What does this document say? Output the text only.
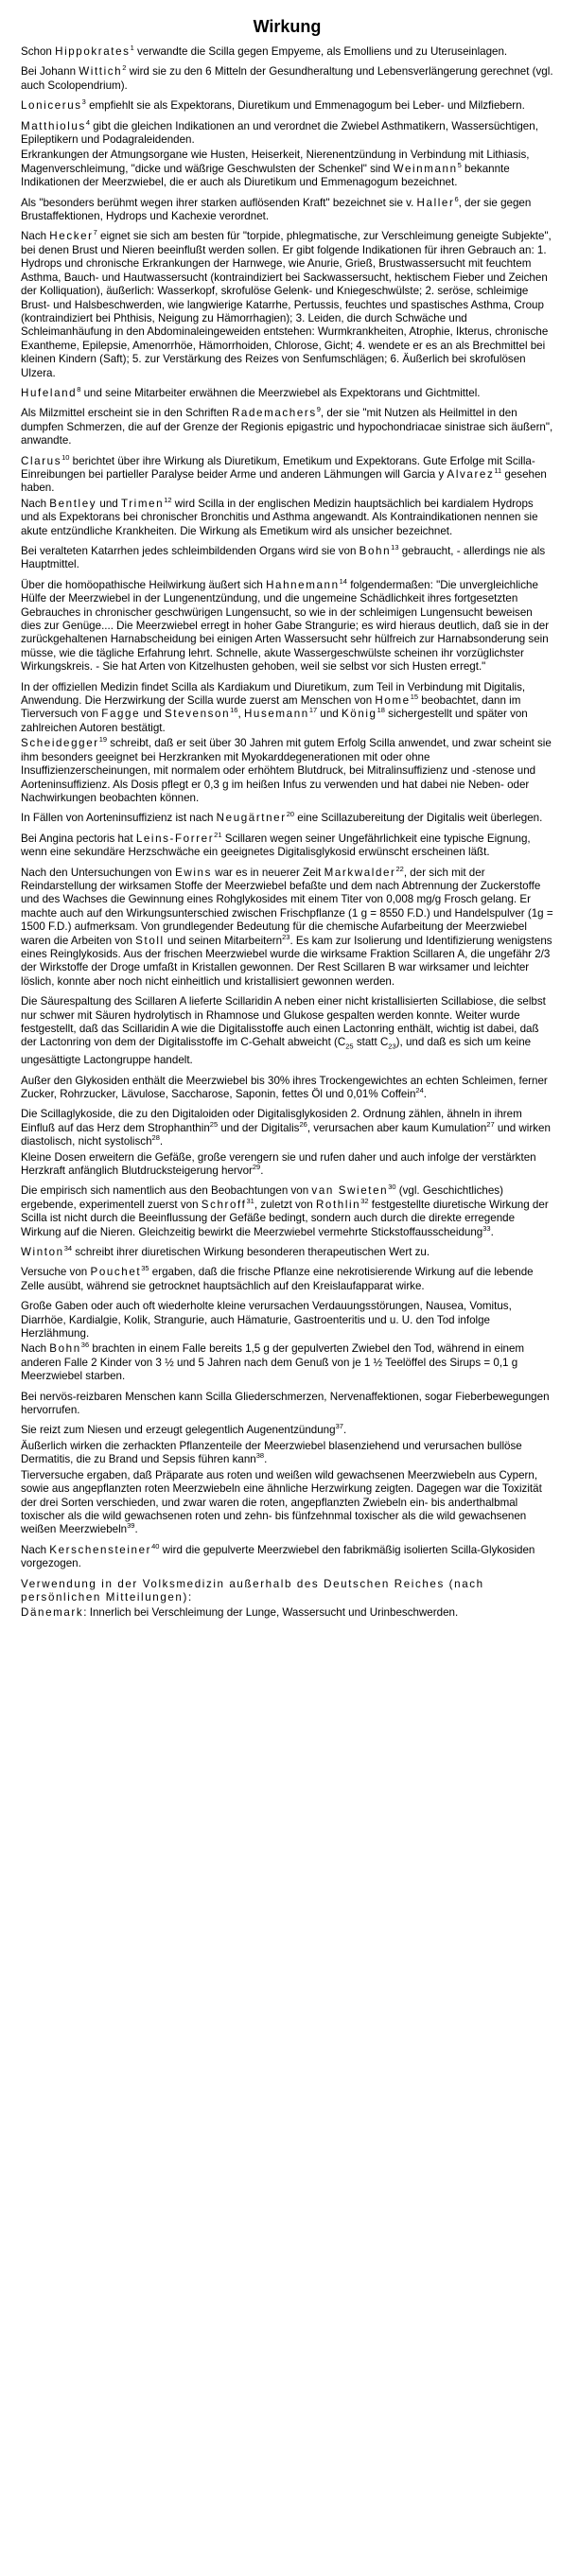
Wirkung

Schon Hippokrates$^1$ verwandte die Scilla gegen Empyeme, als Emolliens und zu Uteruseinlagen.

Bei Johann Wittich$^2$ wird sie zu den 6 Mitteln der Gesundheraltung und Lebensverlängerung gerechnet (vgl. auch Scolopendrium).

Lonicerus$^3$ empfiehlt sie als Expektorans, Diuretikum und Emmenagogum bei Leber- und Milzfiebern.

Matthiolus$^4$ gibt die gleichen Indikationen an und verordnet die Zwiebel Asthmatikern, Wassersüchtigen, Epileptikern und Podagraleidenden.

Erkrankungen der Atmungsorgane wie Husten, Heiserkeit, Nierenentzündung in Verbindung mit Lithiasis, Magenverschleimung, "dicke und wäßrige Geschwulsten der Schenkel" sind Weinmann$^5$ bekannte Indikationen der Meerzwiebel, die er auch als Diuretikum und Emmenagogum bezeichnet.

Als "besonders berühmt wegen ihrer starken auflösenden Kraft" bezeichnet sie v. Haller$^6$, der sie gegen Brustaffektionen, Hydrops und Kachexie verordnet.

Nach Hecker$^7$ eignet sie sich am besten für "torpide, phlegmatische, zur Verschleimung geneigte Subjekte", bei denen Brust und Nieren beeinflußt werden sollen. Er gibt folgende Indikationen für ihren Gebrauch an: 1. Hydrops und chronische Erkrankungen der Harnwege, wie Anurie, Grieß, Brustwassersucht mit feuchtem Asthma, Bauch- und Hautwassersucht (kontraindiziert bei Sackwassersucht, hektischem Fieber und Zeichen der Kolliquation), äußerlich: Wasserkopf, skrofulöse Gelenk- und Kniegeschwülste; 2. seröse, schleimige Brust- und Halsbeschwerden, wie langwierige Katarrhe, Pertussis, feuchtes und spastisches Asthma, Croup (kontraindiziert bei Phthisis, Neigung zu Hämorrhagien); 3. Leiden, die durch Schwäche und Schleimanhäufung in den Abdominaleingeweiden entstehen: Wurmkrankheiten, Atrophie, Ikterus, chronische Exantheme, Epilepsie, Amenorrhöe, Hämorrhoiden, Chlorose, Gicht; 4. wendete er es an als Brechmittel bei kleinen Kindern (Saft); 5. zur Verstärkung des Reizes von Senfumschlägen; 6. Äußerlich bei skrofulösen Ulzera.

Hufeland$^8$ und seine Mitarbeiter erwähnen die Meerzwiebel als Expektorans und Gichtmittel.

Als Milzmittel erscheint sie in den Schriften Rademachers$^9$, der sie "mit Nutzen als Heilmittel in den dumpfen Schmerzen, die auf der Grenze der Regionis epigastric und hypochondriacae sinistrae sich äußern", anwandte.

Clarus$^{10}$ berichtet über ihre Wirkung als Diuretikum, Emetikum und Expektorans. Gute Erfolge mit Scilla-Einreibungen bei partieller Paralyse beider Arme und anderen Lähmungen will Garcia y Alvarez$^{11}$ gesehen haben.

Nach Bentley und Trimen$^{12}$ wird Scilla in der englischen Medizin hauptsächlich bei kardialem Hydrops und als Expektorans bei chronischer Bronchitis und Asthma angewandt. Als Kontraindikationen nennen sie akute entzündliche Krankheiten. Die Wirkung als Emetikum wird als unsicher bezeichnet.

Bei veralteten Katarrhen jedes schleimbildenden Organs wird sie von Bohn$^{13}$ gebraucht, - allerdings nie als Hauptmittel.

Über die homöopathische Heilwirkung äußert sich Hahnemann$^{14}$ folgendermaßen: "Die unvergleichliche Hülfe der Meerzwiebel in der Lungenentzündung, und die ungemeine Schädlichkeit ihres fortgesetzten Gebrauches in chronischer geschwürigen Lungensucht, so wie in der schleimigen Lungensucht beweisen dies zur Genüge.... Die Meerzwiebel erregt in hoher Gabe Strangurie; es wird hieraus deutlich, daß sie in der zurückgehaltenen Harnabscheidung bei einigen Arten Wassersucht sehr hülfreich zur Harnabsonderung sein müsse, wie die tägliche Erfahrung lehrt. Schnelle, akute Wassergeschwülste scheinen ihr vorzüglichster Wirkungskreis. - Sie hat Arten von Kitzelhusten gehoben, weil sie selbst vor sich Husten erregt."

In der offiziellen Medizin findet Scilla als Kardiakum und Diuretikum, zum Teil in Verbindung mit Digitalis, Anwendung. Die Herzwirkung der Scilla wurde zuerst am Menschen von Home$^{15}$ beobachtet, dann im Tierversuch von Fagge und Stevenson$^{16}$, Husemann$^{17}$ und König$^{18}$ sichergestellt und später von zahlreichen Autoren bestätigt.

Scheidegger$^{19}$ schreibt, daß er seit über 30 Jahren mit gutem Erfolg Scilla anwendet, und zwar scheint sie ihm besonders geeignet bei Herzkranken mit Myokarddegenerationen mit oder ohne Insuffizienzerscheinungen, mit normalem oder erhöhtem Blutdruck, bei Mitralinsuffizienz und -stenose und Aorteninsuffizienz. Als Dosis pflegt er 0,3 g im heißen Infus zu verwenden und hat dabei nie Neben- oder Nachwirkungen beobachten können.

In Fällen von Aorteninsuffizienz ist nach Neugärtner$^{20}$ eine Scillazubereitung der Digitalis weit überlegen.

Bei Angina pectoris hat Leins-Forrer$^{21}$ Scillaren wegen seiner Ungefährlichkeit eine typische Eignung, wenn eine sekundäre Herzschwäche ein geeignetes Digitalisglykosid erwünscht erscheinen läßt.

Nach den Untersuchungen von Ewins war es in neuerer Zeit Markwalder$^{22}$, der sich mit der Reindarstellung der wirksamen Stoffe der Meerzwiebel befaßte und dem nach Abtrennung der Zuckerstoffe und des Wachses die Gewinnung eines Rohglykosides mit einem Titer von 0,008 mg/g Frosch gelang. Er machte auch auf den Wirkungsunterschied zwischen Frischpflanze (1 g = 8550 F.D.) und Handelspulver (1g = 1500 F.D.) aufmerksam. Von grundlegender Bedeutung für die chemische Aufarbeitung der Meerzwiebel waren die Arbeiten von Stoll und seinen Mitarbeitern$^{23}$. Es kam zur Isolierung und Identifizierung wenigstens eines Reinglykosids. Aus der frischen Meerzwiebel wurde die wirksame Fraktion Scillaren A, die ungefähr 2/3 der Wirkstoffe der Droge umfaßt in Kristallen gewonnen. Der Rest Scillaren B war wirksamer und leichter löslich, konnte aber noch nicht einheitlich und kristallisiert gewonnen werden.

Die Säurespaltung des Scillaren A lieferte Scillaridin A neben einer nicht kristallisierten Scillabiose, die selbst nur schwer mit Säuren hydrolytisch in Rhamnose und Glukose gespalten werden konnte. Weiter wurde festgestellt, daß das Scillaridin A wie die Digitalisstoffe auch einen Lactonring enthält, wichtig ist dabei, daß der Lactonring von dem der Digitalisstoffe im C-Gehalt abweicht ($C_{25}$ statt $C_{23}$), und daß es sich um keine ungesättigte Lactongruppe handelt.

Außer den Glykosiden enthält die Meerzwiebel bis 30% ihres Trockengewichtes an echten Schleimen, ferner Zucker, Rohrzucker, Lävulose, Saccharose, Saponin, fettes Öl und 0,01% Coffein$^{24}$.

Die Scillaglykoside, die zu den Digitaloiden oder Digitalisglykosiden 2. Ordnung zählen, ähneln in ihrem Einfluß auf das Herz dem Strophanthin$^{25}$ und der Digitalis$^{26}$, verursachen aber kaum Kumulation$^{27}$ und wirken diastolisch, nicht systolisch$^{28}$.

Kleine Dosen erweitern die Gefäße, große verengern sie und rufen daher und auch infolge der verstärkten Herzkraft anfänglich Blutdrucksteigerung hervor$^{29}$.

Die empirisch sich namentlich aus den Beobachtungen von van Swieten$^{30}$ (vgl. Geschichtliches) ergebende, experimentell zuerst von Schroff$^{31}$, zuletzt von Rothlin$^{32}$ festgestellte diuretische Wirkung der Scilla ist nicht durch die Beeinflussung der Gefäße bedingt, sondern auch durch die direkte erregende Wirkung auf die Nieren. Gleichzeitig bewirkt die Meerzwiebel vermehrte Stickstoffausscheidung$^{33}$.

Winton$^{34}$ schreibt ihrer diuretischen Wirkung besonderen therapeutischen Wert zu.

Versuche von Pouchet$^{35}$ ergaben, daß die frische Pflanze eine nekrotisierende Wirkung auf die lebende Zelle ausübt, während sie getrocknet hauptsächlich auf den Kreislaufapparat wirke.

Große Gaben oder auch oft wiederholte kleine verursachen Verdauungsstörungen, Nausea, Vomitus, Diarrhöe, Kardialgie, Kolik, Strangurie, auch Hämaturie, Gastroenteritis und u. U. den Tod infolge Herzlähmung.

Nach Bohn$^{36}$ brachten in einem Falle bereits 1,5 g der gepulverten Zwiebel den Tod, während in einem anderen Falle 2 Kinder von 3 ½ und 5 Jahren nach dem Genuß von je 1 ½ Teelöffel des Sirups = 0,1 g Meerzwiebel starben.

Bei nervös-reizbaren Menschen kann Scilla Gliederschmerzen, Nervenaffektionen, sogar Fieberbewegungen hervorrufen.

Sie reizt zum Niesen und erzeugt gelegentlich Augenentzündung$^{37}$.

Äußerlich wirken die zerhackten Pflanzenteile der Meerzwiebel blasenziehend und verursachen bullöse Dermatitis, die zu Brand und Sepsis führen kann$^{38}$.

Tierversuche ergaben, daß Präparate aus roten und weißen wild gewachsenen Meerzwiebeln aus Cypern, sowie aus angepflanzten roten Meerzwiebeln eine ähnliche Herzwirkung zeigten. Dagegen war die Toxizität der drei Sorten verschieden, und zwar waren die roten, angepflanzten Zwiebeln ein- bis anderthalbmal toxischer als die wild gewachsenen roten und zehn- bis fünfzehnmal toxischer als die wild gewachsenen weißen Meerzwiebeln$^{39}$.

Nach Kerschensteiner$^{40}$ wird die gepulverte Meerzwiebel den fabrikmäßig isolierten Scilla-Glykosiden vorgezogen.

Verwendung in der Volksmedizin außerhalb des Deutschen Reiches (nach persönlichen Mitteilungen):

Dänemark: Innerlich bei Verschleimung der Lunge, Wassersucht und Urinbeschwerden.
